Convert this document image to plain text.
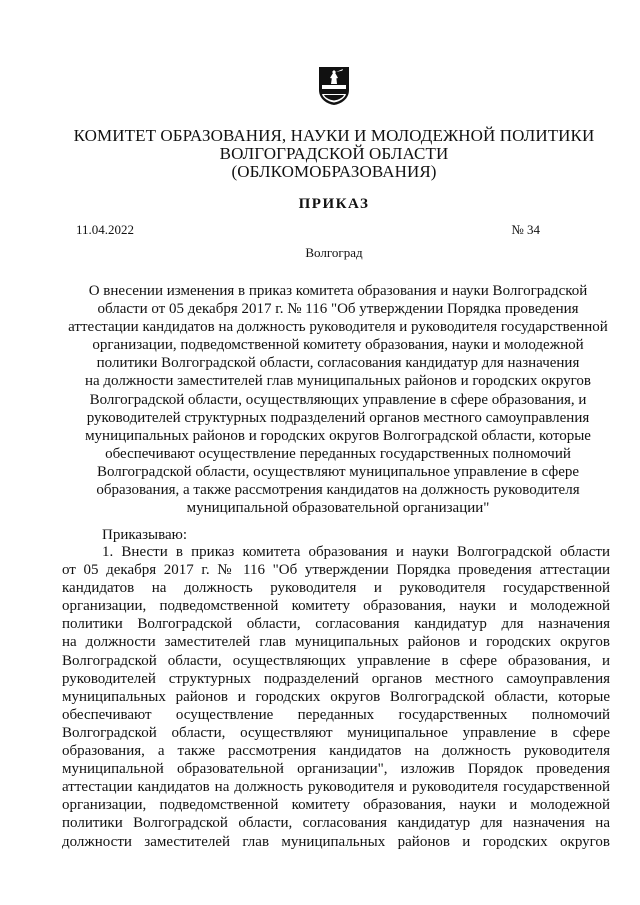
КОМИТЕТ ОБРАЗОВАНИЯ, НАУКИ И МОЛОДЕЖНОЙ ПОЛИТИКИ
ВОЛГОГРАДСКОЙ ОБЛАСТИ
(ОБЛКОМОБРАЗОВАНИЯ)
ПРИКАЗ
11.04.2022	№ 34
Волгоград
О внесении изменения в приказ комитета образования и науки Волгоградской
области от 05 декабря 2017 г. № 116 "Об утверждении Порядка проведения
аттестации кандидатов на должность руководителя и руководителя государственной
организации, подведомственной комитету образования, науки и молодежной
политики Волгоградской области, согласования кандидатур для назначения
на должности заместителей глав муниципальных районов и городских округов
Волгоградской области, осуществляющих управление в сфере образования, и
руководителей структурных подразделений органов местного самоуправления
муниципальных районов и городских округов Волгоградской области, которые
обеспечивают осуществление переданных государственных полномочий
Волгоградской области, осуществляют муниципальное управление в сфере
образования, а также рассмотрения кандидатов на должность руководителя
муниципальной образовательной организации"
Приказываю:
1. Внести в приказ комитета образования и науки Волгоградской области
от 05 декабря 2017 г. № 116 "Об утверждении Порядка проведения аттестации
кандидатов на должность руководителя и руководителя государственной
организации, подведомственной комитету образования, науки и молодежной
политики Волгоградской области, согласования кандидатур для назначения
на должности заместителей глав муниципальных районов и городских округов
Волгоградской области, осуществляющих управление в сфере образования, и
руководителей структурных подразделений органов местного самоуправления
муниципальных районов и городских округов Волгоградской области, которые
обеспечивают осуществление переданных государственных полномочий
Волгоградской области, осуществляют муниципальное управление в сфере
образования, а также рассмотрения кандидатов на должность руководителя
муниципальной образовательной организации", изложив Порядок проведения
аттестации кандидатов на должность руководителя и руководителя государственной
организации, подведомственной комитету образования, науки и молодежной
политики Волгоградской области, согласования кандидатур для назначения на
должности заместителей глав муниципальных районов и городских округов
